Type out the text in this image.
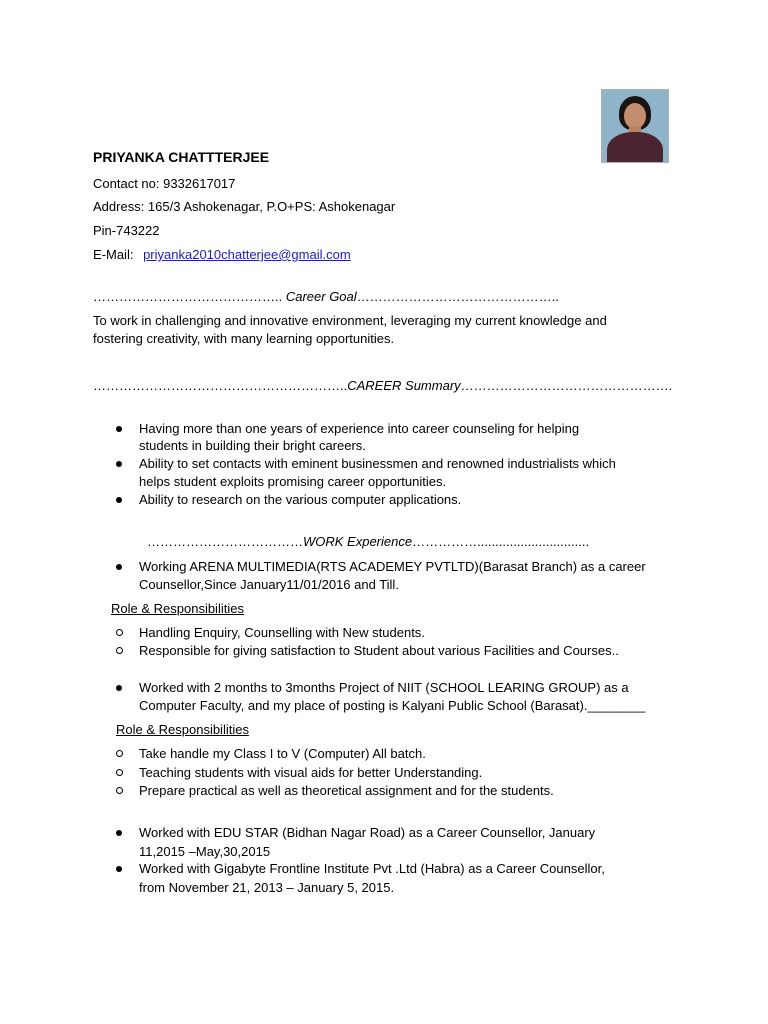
PRIYANKA CHATTTERJEE
Contact no: 9332617017
Address: 165/3 Ashokenagar, P.O+PS: Ashokenagar
Pin-743222
E-Mail: priyanka2010chatterjee@gmail.com
…………………………………….. Career Goal………………………………………..
To work in challenging and innovative environment, leveraging my current knowledge and
fostering creativity, with many learning opportunities.
…………………………………………………..CAREER Summary………………………………………….
Having more than one years of experience into career counseling for helping
students in building their bright careers.
Ability to set contacts with eminent businessmen and renowned industrialists which
helps student exploits promising career opportunities.
Ability to research on the various computer applications.
………………………………WORK Experience……………...............................
Working ARENA MULTIMEDIA(RTS ACADEMEY PVTLTD)(Barasat Branch) as a career
Counsellor,Since January11/01/2016 and Till.
Role & Responsibilities
Handling Enquiry, Counselling with New students.
Responsible for giving satisfaction to Student about various Facilities and Courses..
Worked with 2 months to 3months Project of NIIT (SCHOOL LEARING GROUP) as a
Computer Faculty, and my place of posting is Kalyani Public School (Barasat).________
Role & Responsibilities
Take handle my Class I to V (Computer) All batch.
Teaching students with visual aids for better Understanding.
Prepare practical as well as theoretical assignment and for the students.
Worked with EDU STAR (Bidhan Nagar Road) as a Career Counsellor, January
11,2015 –May,30,2015
Worked with Gigabyte Frontline Institute Pvt .Ltd (Habra) as a Career Counsellor,
from November 21, 2013 – January 5, 2015.
